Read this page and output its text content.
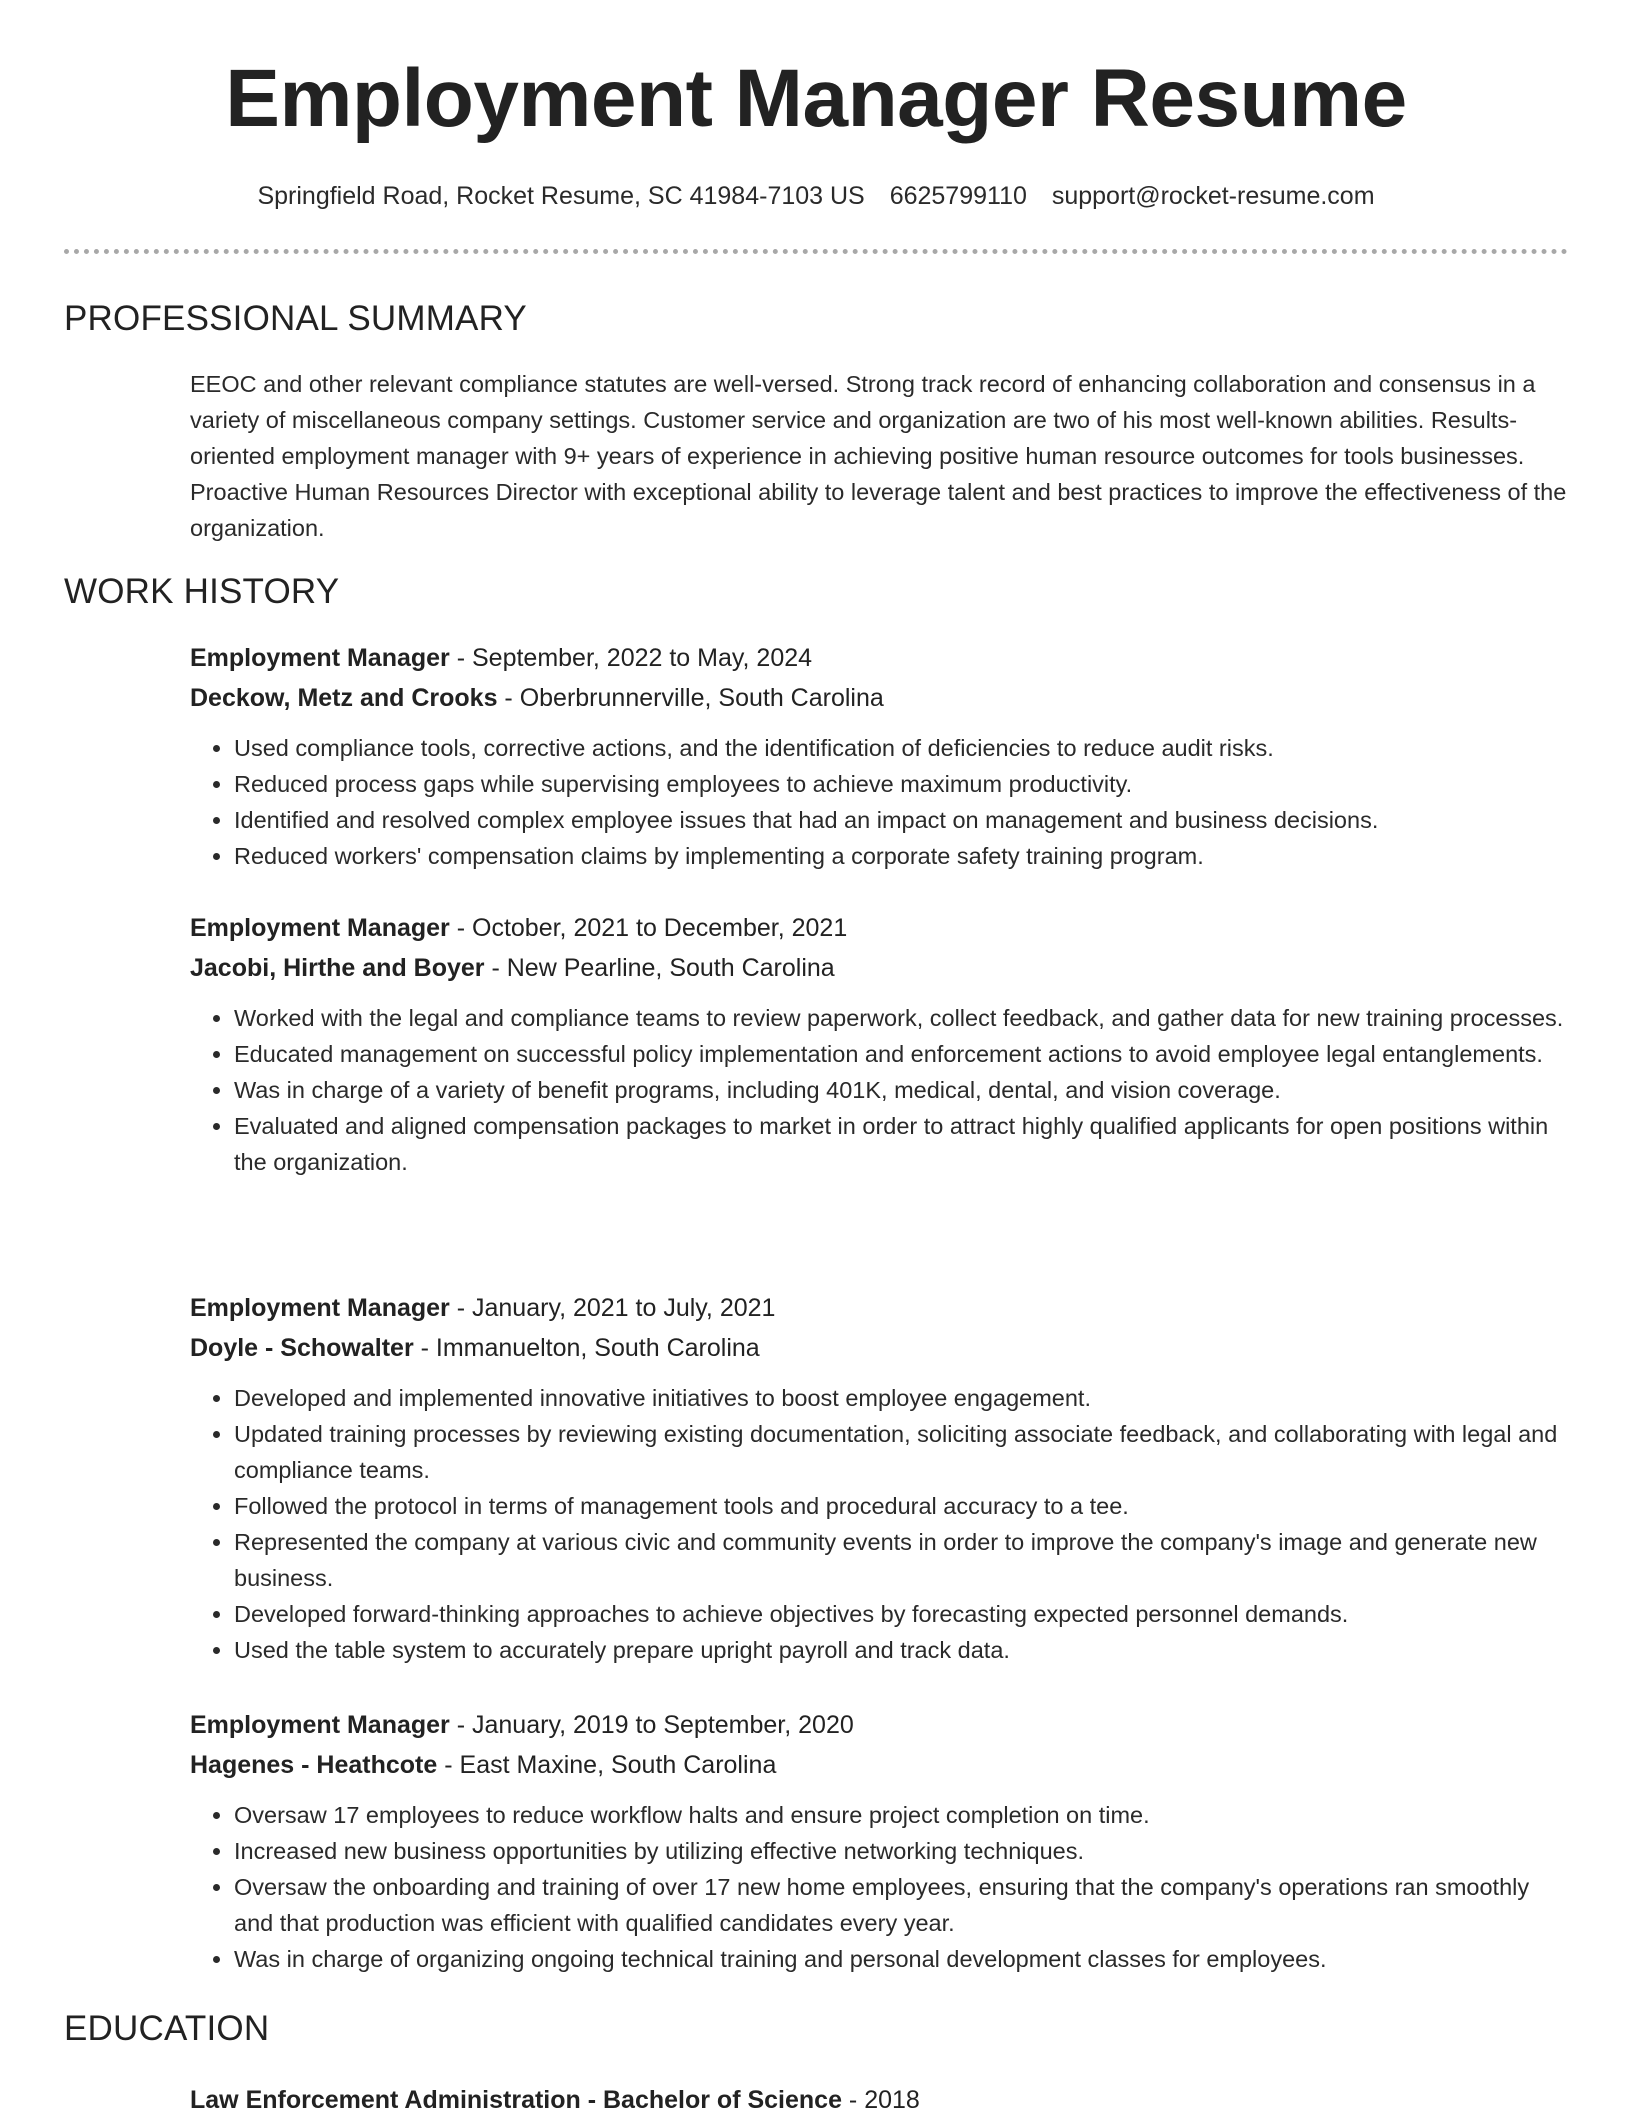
Employment Manager Resume
Springfield Road, Rocket Resume, SC 41984-7103 US 6625799110 support@rocket-resume.com
PROFESSIONAL SUMMARY

EEOC and other relevant compliance statutes are well-versed. Strong track record of enhancing collaboration and consensus in a variety of miscellaneous company settings. Customer service and organization are two of his most well-known abilities. Results-oriented employment manager with 9+ years of experience in achieving positive human resource outcomes for tools businesses. Proactive Human Resources Director with exceptional ability to leverage talent and best practices to improve the effectiveness of the organization.

WORK HISTORY
Employment Manager - September, 2022 to May, 2024
Deckow, Metz and Crooks - Oberbrunnerville, South Carolina
• Used compliance tools, corrective actions, and the identification of deficiencies to reduce audit risks.
• Reduced process gaps while supervising employees to achieve maximum productivity.
• Identified and resolved complex employee issues that had an impact on management and business decisions.
• Reduced workers' compensation claims by implementing a corporate safety training program.
Employment Manager - October, 2021 to December, 2021
Jacobi, Hirthe and Boyer - New Pearline, South Carolina
• Worked with the legal and compliance teams to review paperwork, collect feedback, and gather data for new training processes.
• Educated management on successful policy implementation and enforcement actions to avoid employee legal entanglements.
• Was in charge of a variety of benefit programs, including 401K, medical, dental, and vision coverage.
• Evaluated and aligned compensation packages to market in order to attract highly qualified applicants for open positions within the organization.
Employment Manager - January, 2021 to July, 2021
Doyle - Schowalter - Immanuelton, South Carolina
• Developed and implemented innovative initiatives to boost employee engagement.
• Updated training processes by reviewing existing documentation, soliciting associate feedback, and collaborating with legal and compliance teams.
• Followed the protocol in terms of management tools and procedural accuracy to a tee.
• Represented the company at various civic and community events in order to improve the company's image and generate new business.
• Developed forward-thinking approaches to achieve objectives by forecasting expected personnel demands.
• Used the table system to accurately prepare upright payroll and track data.
Employment Manager - January, 2019 to September, 2020
Hagenes - Heathcote - East Maxine, South Carolina
• Oversaw 17 employees to reduce workflow halts and ensure project completion on time.
• Increased new business opportunities by utilizing effective networking techniques.
• Oversaw the onboarding and training of over 17 new home employees, ensuring that the company's operations ran smoothly and that production was efficient with qualified candidates every year.
• Was in charge of organizing ongoing technical training and personal development classes for employees.
EDUCATION
Law Enforcement Administration - Bachelor of Science - 2018
